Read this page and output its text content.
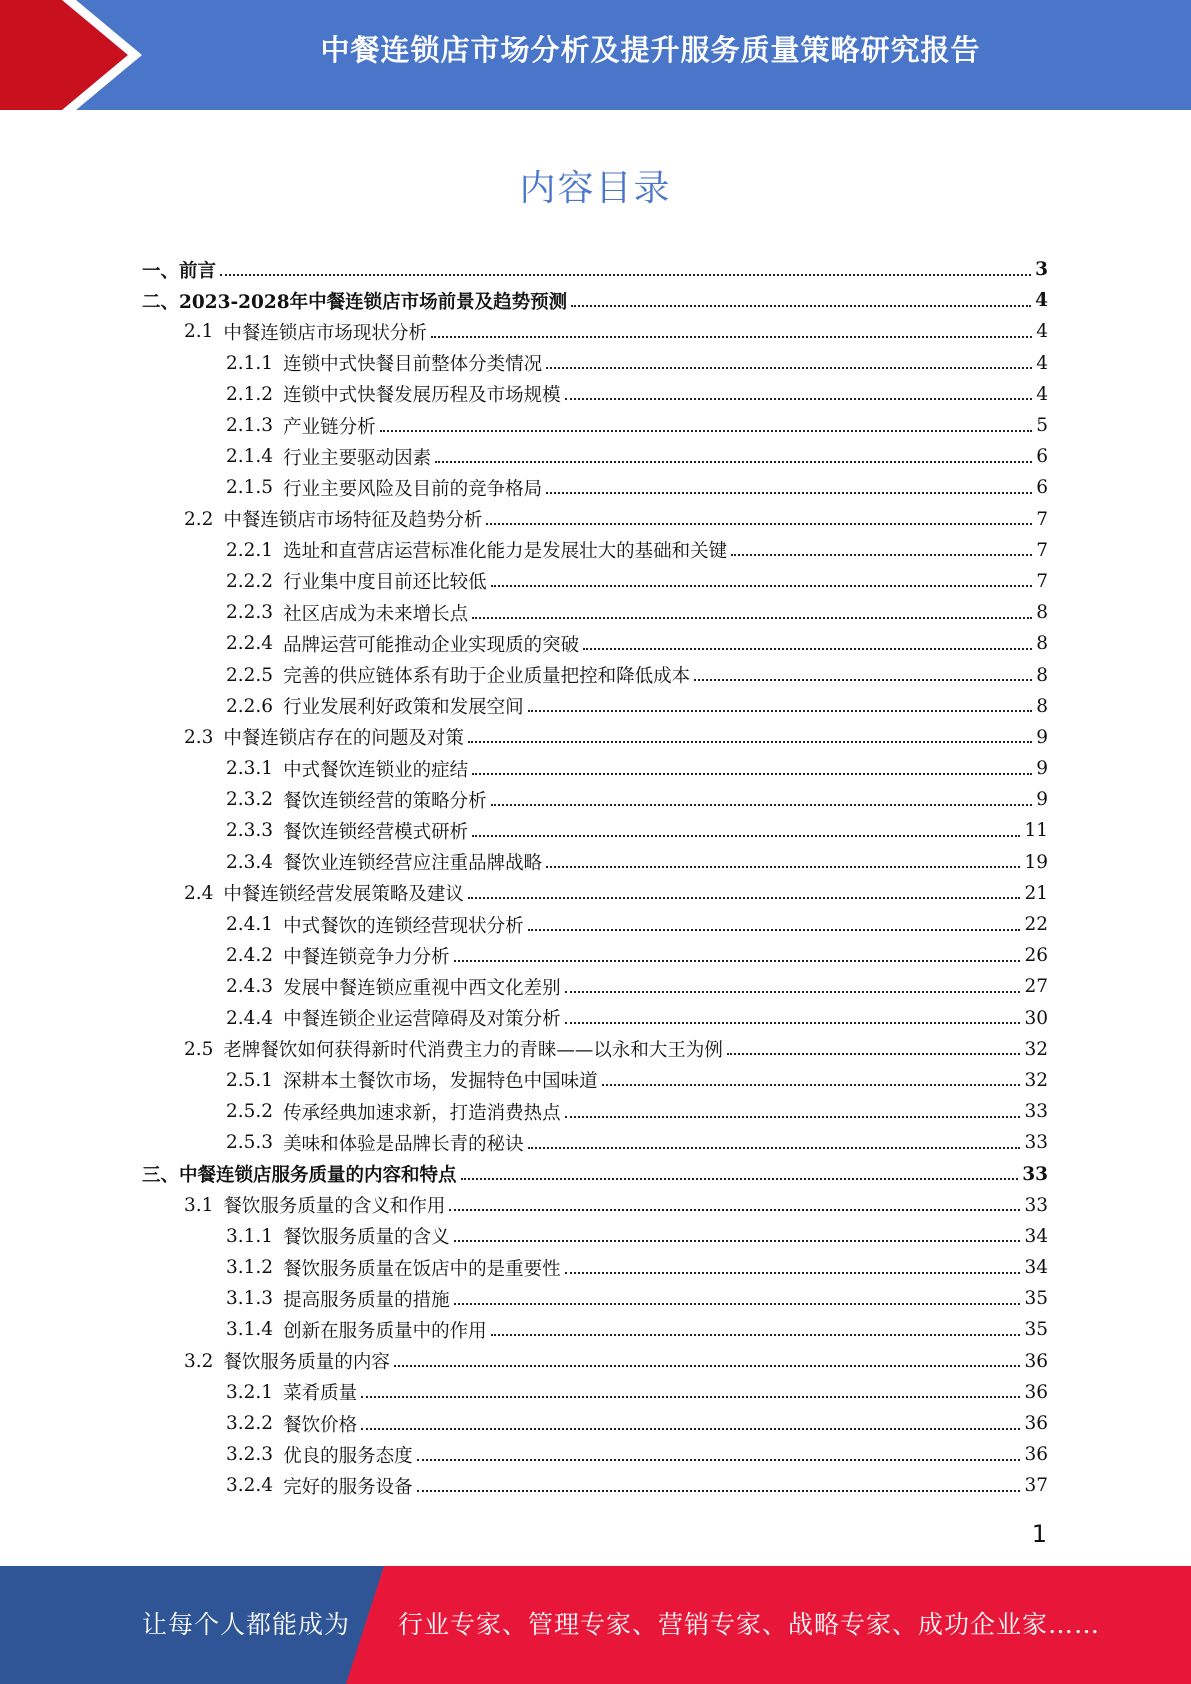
中餐连锁店市场分析及提升服务质量策略研究报告
内容目录
一、 前言	3
二、 2023-2028年中餐连锁店市场前景及趋势预测	4
2.1 中餐连锁店市场现状分析	4
2.1.1 连锁中式快餐目前整体分类情况	4
2.1.2 连锁中式快餐发展历程及市场规模	4
2.1.3 产业链分析	5
2.1.4 行业主要驱动因素	6
2.1.5 行业主要风险及目前的竞争格局	6
2.2 中餐连锁店市场特征及趋势分析	7
2.2.1 选址和直营店运营标准化能力是发展壮大的基础和关键	7
2.2.2 行业集中度目前还比较低	7
2.2.3 社区店成为未来增长点	8
2.2.4 品牌运营可能推动企业实现质的突破	8
2.2.5 完善的供应链体系有助于企业质量把控和降低成本	8
2.2.6 行业发展利好政策和发展空间	8
2.3 中餐连锁店存在的问题及对策	9
2.3.1 中式餐饮连锁业的症结	9
2.3.2 餐饮连锁经营的策略分析	9
2.3.3 餐饮连锁经营模式研析	11
2.3.4 餐饮业连锁经营应注重品牌战略	19
2.4 中餐连锁经营发展策略及建议	21
2.4.1 中式餐饮的连锁经营现状分析	22
2.4.2 中餐连锁竞争力分析	26
2.4.3 发展中餐连锁应重视中西文化差别	27
2.4.4 中餐连锁企业运营障碍及对策分析	30
2.5 老牌餐饮如何获得新时代消费主力的青睐——以永和大王为例	32
2.5.1 深耕本土餐饮市场，发掘特色中国味道	32
2.5.2 传承经典加速求新，打造消费热点	33
2.5.3 美味和体验是品牌长青的秘诀	33
三、 中餐连锁店服务质量的内容和特点	33
3.1 餐饮服务质量的含义和作用	33
3.1.1 餐饮服务质量的含义	34
3.1.2 餐饮服务质量在饭店中的是重要性	34
3.1.3 提高服务质量的措施	35
3.1.4 创新在服务质量中的作用	35
3.2 餐饮服务质量的内容	36
3.2.1 菜肴质量	36
3.2.2 餐饮价格	36
3.2.3 优良的服务态度	36
3.2.4 完好的服务设备	37
1
让每个人都能成为 行业专家、管理专家、营销专家、战略专家、成功企业家……
